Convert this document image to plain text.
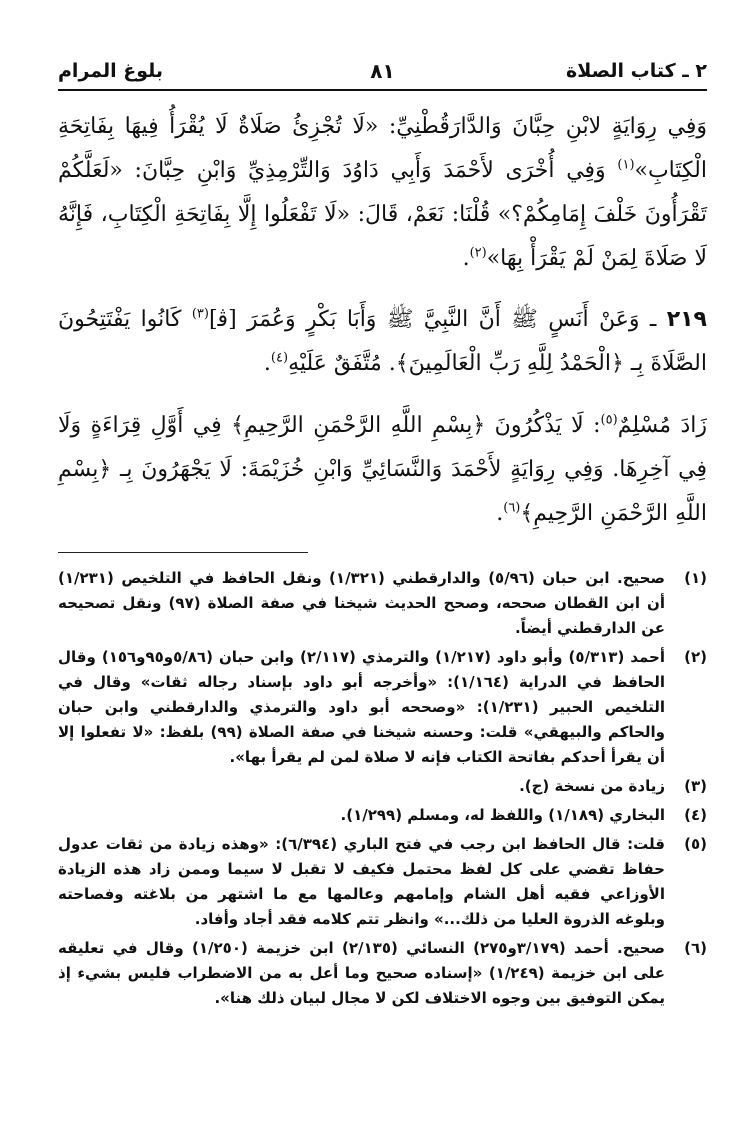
٢ ـ كتاب الصلاة
٨١
بلوغ المرام

وَفِي رِوَايَةٍ لابْنِ حِبَّانَ وَالدَّارَقُطْنِيِّ: «لَا تُجْزِئُ صَلَاةٌ لَا يُقْرَأُ فِيهَا بِفَاتِحَةِ الْكِتَابِ»$^{(١)}$ وَفِي أُخْرَى لأَحْمَدَ وَأَبِي دَاوُدَ وَالتِّرْمِذِيِّ وَابْنِ حِبَّانَ: «لَعَلَّكُمْ تَقْرَأُونَ خَلْفَ إِمَامِكُمْ؟» قُلْنَا: نَعَمْ، قَالَ: «لَا تَفْعَلُوا إِلَّا بِفَاتِحَةِ الْكِتَابِ، فَإِنَّهُ لَا صَلَاةَ لِمَنْ لَمْ يَقْرَأْ بِهَا»$^{(٢)}$.

٢١٩ ـ وَعَنْ أَنَسٍ ﷺ أَنَّ النَّبِيَّ ﷺ وَأَبَا بَكْرٍ وَعُمَرَ [ﭬ]$^{(٣)}$ كَانُوا يَفْتَتِحُونَ الصَّلَاةَ بِـ ﴿الْحَمْدُ لِلَّهِ رَبِّ الْعَالَمِينَ﴾. مُتَّفَقٌ عَلَيْهِ$^{(٤)}$.

زَادَ مُسْلِمٌ$^{(٥)}$: لَا يَذْكُرُونَ ﴿بِسْمِ اللَّهِ الرَّحْمَنِ الرَّحِيمِ﴾ فِي أَوَّلِ قِرَاءَةٍ وَلَا فِي آخِرِهَا. وَفِي رِوَايَةٍ لأَحْمَدَ وَالنَّسَائِيِّ وَابْنِ خُزَيْمَةَ: لَا يَجْهَرُونَ بِـ ﴿بِسْمِ اللَّهِ الرَّحْمَنِ الرَّحِيمِ﴾$^{(٦)}$.

(١)
صحيح. ابن حبان (٥/٩٦) والدارقطني (١/٣٢١) ونقل الحافظ في التلخيص (١/٢٣١) أن ابن القطان صححه، وصحح الحديث شيخنا في صفة الصلاة (٩٧) ونقل تصحيحه عن الدارقطني أيضاً.
(٢)
أحمد (٥/٣١٣) وأبو داود (١/٢١٧) والترمذي (٢/١١٧) وابن حبان (٥/٨٦و٩٥و١٥٦) وقال الحافظ في الدراية (١/١٦٤): «وأخرجه أبو داود بإسناد رجاله ثقات» وقال في التلخيص الحبير (١/٢٣١): «وصححه أبو داود والترمذي والدارقطني وابن حبان والحاكم والبيهقي» قلت: وحسنه شيخنا في صفة الصلاة (٩٩) بلفظ: «لا تفعلوا إلا أن يقرأ أحدكم بفاتحة الكتاب فإنه لا صلاة لمن لم يقرأ بها».
(٣)
زيادة من نسخة (ج).
(٤)
البخاري (١/١٨٩) واللفظ له، ومسلم (١/٢٩٩).
(٥)
قلت: قال الحافظ ابن رجب في فتح الباري (٦/٣٩٤): «وهذه زيادة من ثقات عدول حفاظ تقضي على كل لفظ محتمل فكيف لا تقبل لا سيما وممن زاد هذه الزيادة الأوزاعي فقيه أهل الشام وإمامهم وعالمها مع ما اشتهر من بلاغته وفصاحته وبلوغه الذروة العليا من ذلك...» وانظر تتم كلامه فقد أجاد وأفاد.
(٦)
صحيح. أحمد (٣/١٧٩و٢٧٥) النسائي (٢/١٣٥) ابن خزيمة (١/٢٥٠) وقال في تعليقه على ابن خزيمة (١/٢٤٩) «إسناده صحيح وما أعل به من الاضطراب فليس بشيء إذ يمكن التوفيق بين وجوه الاختلاف لكن لا مجال لبيان ذلك هنا».
